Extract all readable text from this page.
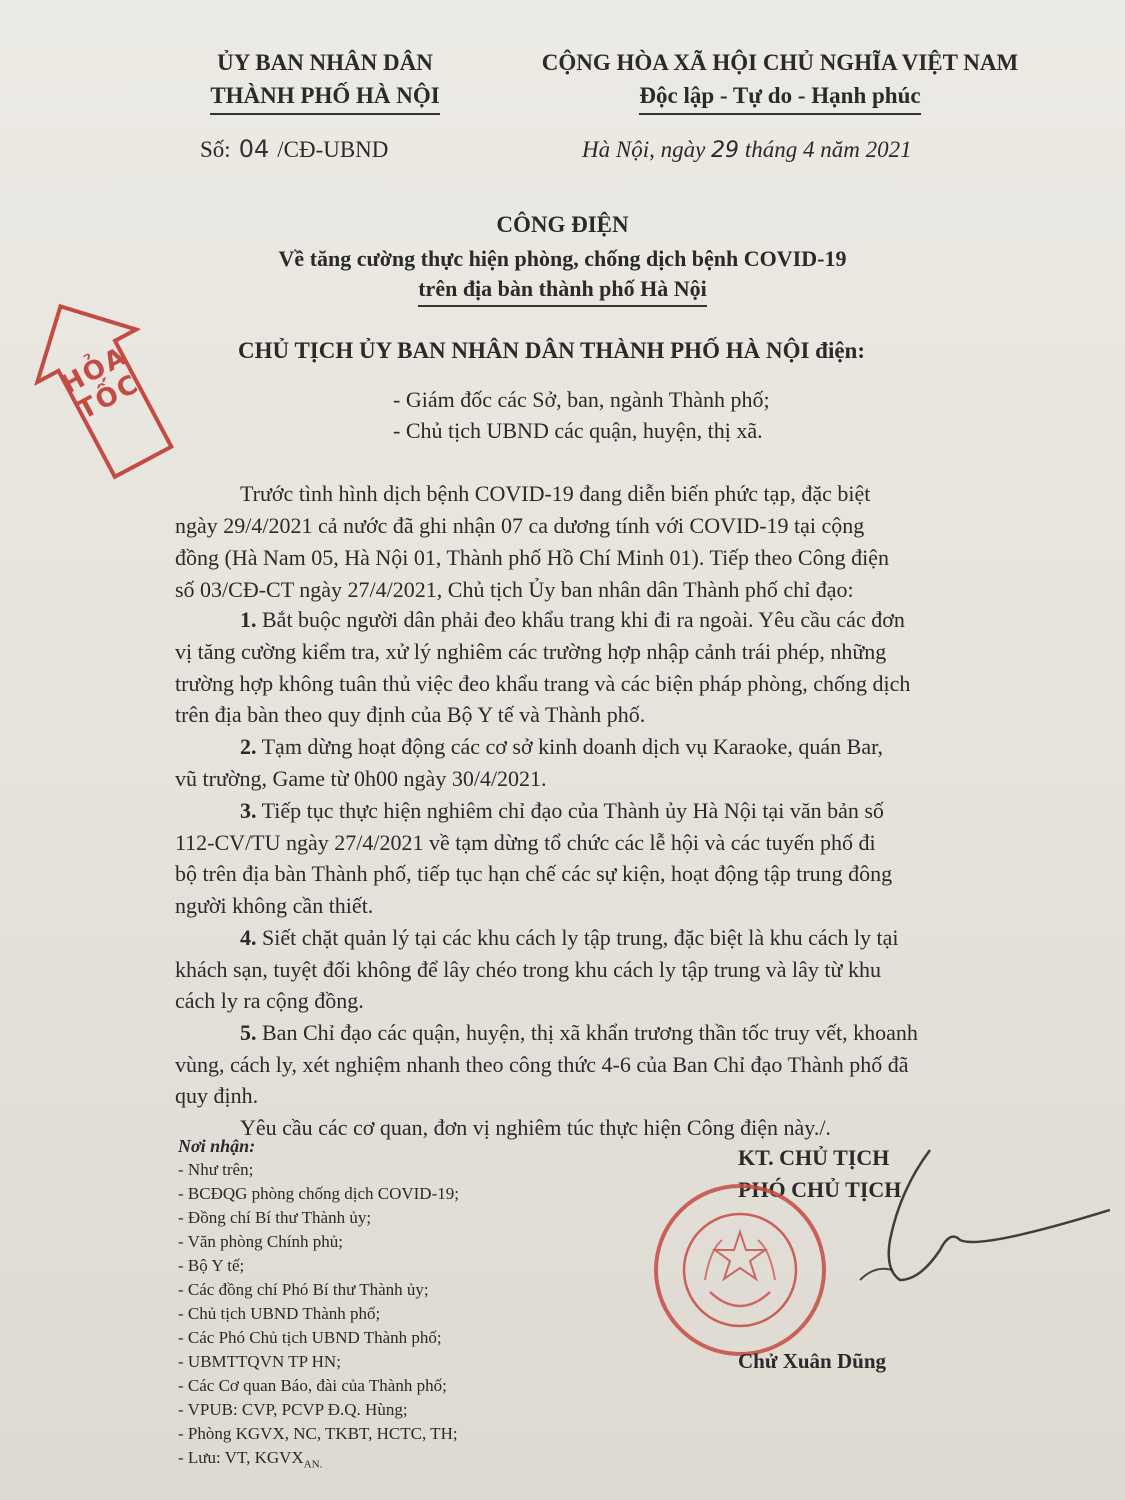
ỦY BAN NHÂN DÂN
THÀNH PHỐ HÀ NỘI
CỘNG HÒA XÃ HỘI CHỦ NGHĨA VIỆT NAM
Độc lập - Tự do - Hạnh phúc
Số: 04 /CĐ-UBND	Hà Nội, ngày 29 tháng 4 năm 2021
CÔNG ĐIỆN
Về tăng cường thực hiện phòng, chống dịch bệnh COVID-19
trên địa bàn thành phố Hà Nội
HỎA TỐC
CHỦ TỊCH ỦY BAN NHÂN DÂN THÀNH PHỐ HÀ NỘI điện:
- Giám đốc các Sở, ban, ngành Thành phố;
- Chủ tịch UBND các quận, huyện, thị xã.
Trước tình hình dịch bệnh COVID-19 đang diễn biến phức tạp, đặc biệt
ngày 29/4/2021 cả nước đã ghi nhận 07 ca dương tính với COVID-19 tại cộng
đồng (Hà Nam 05, Hà Nội 01, Thành phố Hồ Chí Minh 01). Tiếp theo Công điện
số 03/CĐ-CT ngày 27/4/2021, Chủ tịch Ủy ban nhân dân Thành phố chỉ đạo:
1. Bắt buộc người dân phải đeo khẩu trang khi đi ra ngoài. Yêu cầu các đơn
vị tăng cường kiểm tra, xử lý nghiêm các trường hợp nhập cảnh trái phép, những
trường hợp không tuân thủ việc đeo khẩu trang và các biện pháp phòng, chống dịch
trên địa bàn theo quy định của Bộ Y tế và Thành phố.
2. Tạm dừng hoạt động các cơ sở kinh doanh dịch vụ Karaoke, quán Bar,
vũ trường, Game từ 0h00 ngày 30/4/2021.
3. Tiếp tục thực hiện nghiêm chỉ đạo của Thành ủy Hà Nội tại văn bản số
112-CV/TU ngày 27/4/2021 về tạm dừng tổ chức các lễ hội và các tuyến phố đi
bộ trên địa bàn Thành phố, tiếp tục hạn chế các sự kiện, hoạt động tập trung đông
người không cần thiết.
4. Siết chặt quản lý tại các khu cách ly tập trung, đặc biệt là khu cách ly tại
khách sạn, tuyệt đối không để lây chéo trong khu cách ly tập trung và lây từ khu
cách ly ra cộng đồng.
5. Ban Chỉ đạo các quận, huyện, thị xã khẩn trương thần tốc truy vết, khoanh
vùng, cách ly, xét nghiệm nhanh theo công thức 4-6 của Ban Chỉ đạo Thành phố đã
quy định.
Yêu cầu các cơ quan, đơn vị nghiêm túc thực hiện Công điện này./.
Nơi nhận:
- Như trên;
- BCĐQG phòng chống dịch COVID-19;
- Đồng chí Bí thư Thành ủy;
- Văn phòng Chính phủ;
- Bộ Y tế;
- Các đồng chí Phó Bí thư Thành ủy;
- Chủ tịch UBND Thành phố;
- Các Phó Chủ tịch UBND Thành phố;
- UBMTTQVN TP HN;
- Các Cơ quan Báo, đài của Thành phố;
- VPUB: CVP, PCVP Đ.Q. Hùng;
- Phòng KGVX, NC, TKBT, HCTC, TH;
- Lưu: VT, $KGVX_{AN.}$
KT. CHỦ TỊCH
PHÓ CHỦ TỊCH
Chử Xuân Dũng
